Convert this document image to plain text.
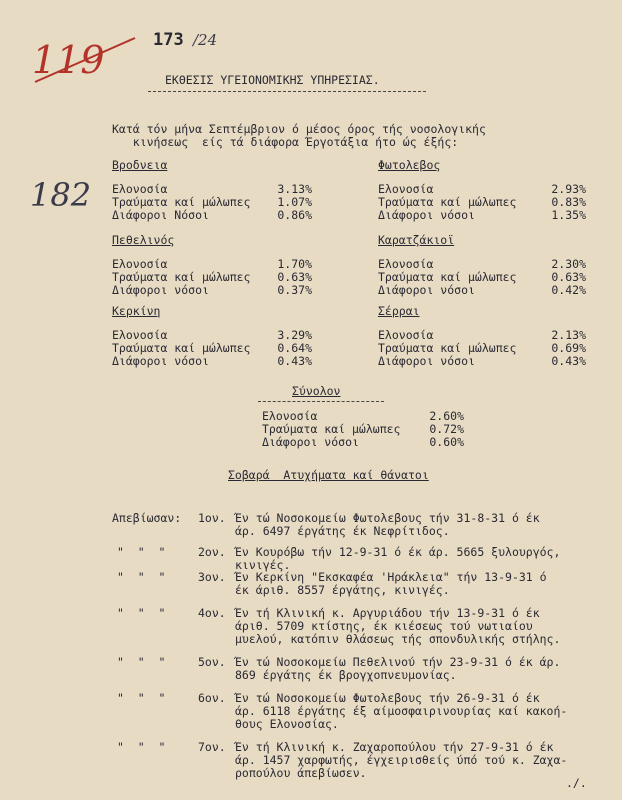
119	173 /24
182
ΕΚΘΕΣΙΣ ΥΓΕΙΟΝΟΜΙΚΗΣ ΥΠΗΡΕΣΙΑΣ.
Κατά τόν μήνα Σεπτέμβριον ό μέσος όρος τής νοσολογικής
κινήσεως  είς τά διάφορα Έργοτάξια ήτο ώς έξής:
Βροδνεια
Ελονοσία	3.13%
Τραύματα καί μώλωπες	1.07%
Διάφοροι Νόσοι	0.86%
Φωτολεβος
Ελονοσία	2.93%
Τραύματα καί μώλωπες	0.83%
Διάφοροι νόσοι	1.35%
Πεθελινός
Ελονοσία	1.70%
Τραύματα καί μώλωπες	0.63%
Διάφοροι νόσοι	0.37%
Καρατζάκιοϊ
Ελονοσία	2.30%
Τραύματα καί μώλωπες	0.63%
Διάφοροι νόσοι	0.42%
Κερκίνη
Ελονοσία	3.29%
Τραύματα καί μώλωπες	0.64%
Διάφοροι νόσοι	0.43%
Σέρραι
Ελονοσία	2.13%
Τραύματα καί μώλωπες	0.69%
Διάφοροι νόσοι	0.43%
Σύνολον
Ελονοσία	2.60%
Τραύματα καί μώλωπες	0.72%
Διάφοροι νόσοι	0.60%
Σοβαρά  Ατυχήματα καί θάνατοι
Απεβίωσαν: 1ον. Έν τώ Νοσοκομείω Φωτολεβους τήν 31-8-31 ό έκ
άρ. 6497 έργάτης έκ Νεφρίτιδος.
"  "  "	2ον. Έν Κουρόβω τήν 12-9-31 ό έκ άρ. 5665 ξυλουργός,
κινιγές.
"  "  "	3ον. Έν Κερκίνη "Εκσκαφέα 'Ηράκλεια" τήν 13-9-31 ό
έκ άριθ. 8557 έργάτης, κινιγές.
"  "  "	4ον. Έν τή Κλινική κ. Αργυριάδου τήν 13-9-31 ό έκ
άριθ. 5709 κτίστης, έκ κιέσεως τού νωτιαίου
μυελού, κατόπιν θλάσεως τής σπονδυλικής στήλης.
"  "  "	5ον. Έν τώ Νοσοκομείω Πεθελινού τήν 23-9-31 ό έκ άρ.
869 έργάτης έκ βρογχοπνευμονίας.
"  "  "	6ον. Έν τώ Νοσοκομείω Φωτολεβους τήν 26-9-31 ό έκ
άρ. 6118 έργάτης έξ αίμοσφαιρινουρίας καί κακοή-
θους Ελονοσίας.
"  "  "	7ον. Έν τή Κλινική κ. Ζαχαροπούλου τήν 27-9-31 ό έκ
άρ. 1457 χαρφωτής, έγχειρισθείς ύπό τού κ. Ζαχα-
ροπούλου άπεβίωσεν.
./.
